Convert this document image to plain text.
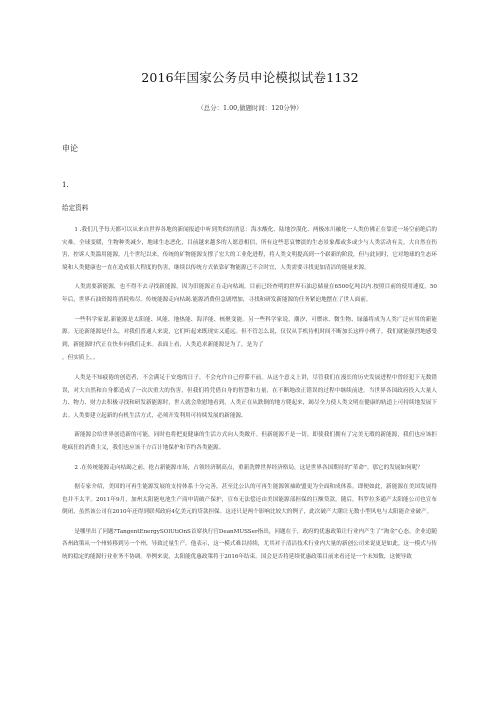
2016年国家公务员申论模拟试卷1132
（总分：1.00,做题时间：120分钟）
申论
1.
给定资料

1 .我们几乎每天都可以从来自世界各地的新闻报道中听到类似的消息：海水酸化、陆地沙漠化、两极冰川融化一人类仿佛正在靠近一场空前绝后的灾难。全球变暖，生物种类减少，地球生态恶化，目前越来越多的人愿意相信，所有这些悲哀惨淡的生态景象都或多或少与人类活动有关。大自然在伤害，控诉人类滥用能源。几个世纪以来，传统的矿物能源支撑了宏大的工业化进程，将人类文明提高到一个崭新的阶段，但与此同时，它对地球的生态环境和人类健康也一直在造成很大程度的伤害，继续以传统方式依靠矿物能源已不合时宜，人类需要寻找更加清洁的能量来源。

人类需要新能源，也不得不去寻找新能源，因为旧能源正在走向枯竭。目前已经查明的世界石油总储量在6500亿吨以内.按照目前的使用速度，50年后，世界石油资源将消耗殆尽。传统能源走向枯竭.能源消费但急剧增加，寻找和研发新能源的任务紧迫地摆在了世人面前。

一些科学家说.新能源是太阳能、风能、地热能、海洋能、核聚变能。另一些科学家说，潮汐、可燃冰、微生物、绿藻将成为人类广泛应用的新能源。无论新能源是什么，对我们普通人来说，它们听起来既现实又遥远。但不管怎么说，仅仅从手机待机时间不断加长这样小例子，我们就能强烈地感受到，新能源时代正在快步向我们走来。表面上看，人类追求新能源是为了，是为了

，但实质上，。

人类是不知疲倦的创造者，不会满足于安逸的日子，不会允许自己停滞不前。从这个意义上讲，尽管我们在漫长的历史发展进程中曾经犯下无数错误，对大自然和自身都造成了一次次重大的伤害，但我们将凭借自身的智慧和力量，在不断地改正错误的过程中继续前进。当世界各国政府投入大量人力、物力、财力去积极寻找和研发新能源时，世人就会欣慰地看到，人类正在从跌倒的地方爬起来，竭尽全力使人类文明在健康的轨道上可持续地发展下去。人类要建立起新的有机生活方式，必须开发利用可持续发展的新能源。

新能源会给世界创造新的可能，同时也将把更健康的生活方式向人类敞开。但新能源不是一切。即使我们拥有了完美无瑕的新能源，我们也应该拒绝疯狂的消费主义，我们也应该千方百计地保护和节约各类能源。

2 .在传统能源走向枯竭之前，抢占新能源市场，占领经济制高点，重新洗牌世界经济格局，这是世界各国期待的“革命”。那它的发展如何呢？

据专家介绍，美国的可再生能源发展的支持体系十分完善，甚至比公认的可再生能源领袖欧盟更为全面和成体系。即便如此，新能源在美国发展得也并不太平。2011年9月，加州太阳能电池生产商申请破产保护，宣布无法偿还由美国能源部担保的巨额贷款。随后，科罗拉多通产太阳能公司也宣布倒闭，虽然该公司在2010年还得到联邦政府4亿美元的贷款担保。这还只是两个影响比较大的例子，此次破产大潮让无数小型风电与太阳能企业破产。

是哪里出了问题?TangentEnergySOlUtiOnS首席执行官DeanMUSSer指出，问题在于，政府的优惠政策让行业内产生了“淘金”心态。企业追随各州政策从一个州转移到另一个州，导致过量生产。他表示，这一模式难以持续，尤其对于清洁技术行业内大量的新创公司来说更是如此。这一模式与传统的稳定的能源行业业务不协调。举例来说，太阳能优惠政策将于2016年结束。国会是否将延续优惠政策目前来看还是一个未知数，这便导致
